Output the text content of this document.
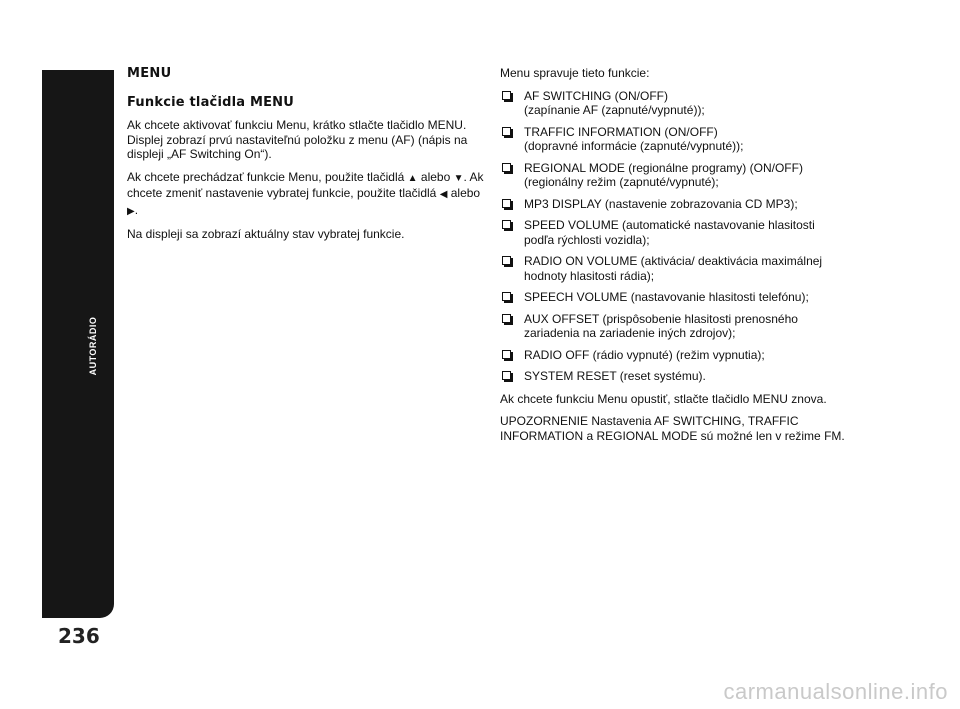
AUTORÁDIO
236
MENU
Funkcie tlačidla MENU

Ak chcete aktivovať funkciu Menu, krátko stlačte tlačidlo MENU. Displej zobrazí prvú nastaviteľnú položku z menu (AF) (nápis na displeji „AF Switching On“).

Ak chcete prechádzať funkcie Menu, použite tlačidlá ▲ alebo ▼. Ak chcete zmeniť nastavenie vybratej funkcie, použite tlačidlá ◀ alebo ▶.

Na displeji sa zobrazí aktuálny stav vybratej funkcie.

Menu spravuje tieto funkcie:

AF SWITCHING (ON/OFF)
(zapínanie AF (zapnuté/vypnuté));
TRAFFIC INFORMATION (ON/OFF)
(dopravné informácie (zapnuté/vypnuté));
REGIONAL MODE (regionálne programy) (ON/OFF)
(regionálny režim (zapnuté/vypnuté);
MP3 DISPLAY (nastavenie zobrazovania CD MP3);
SPEED VOLUME (automatické nastavovanie hlasitosti
podľa rýchlosti vozidla);
RADIO ON VOLUME (aktivácia/ deaktivácia maximálnej
hodnoty hlasitosti rádia);
SPEECH VOLUME (nastavovanie hlasitosti telefónu);
AUX OFFSET (prispôsobenie hlasitosti prenosného
zariadenia na zariadenie iných zdrojov);
RADIO OFF (rádio vypnuté) (režim vypnutia);
SYSTEM RESET (reset systému).

Ak chcete funkciu Menu opustiť, stlačte tlačidlo MENU znova.

UPOZORNENIE Nastavenia AF SWITCHING, TRAFFIC INFORMATION a REGIONAL MODE sú možné len v režime FM.

carmanualsonline.info
